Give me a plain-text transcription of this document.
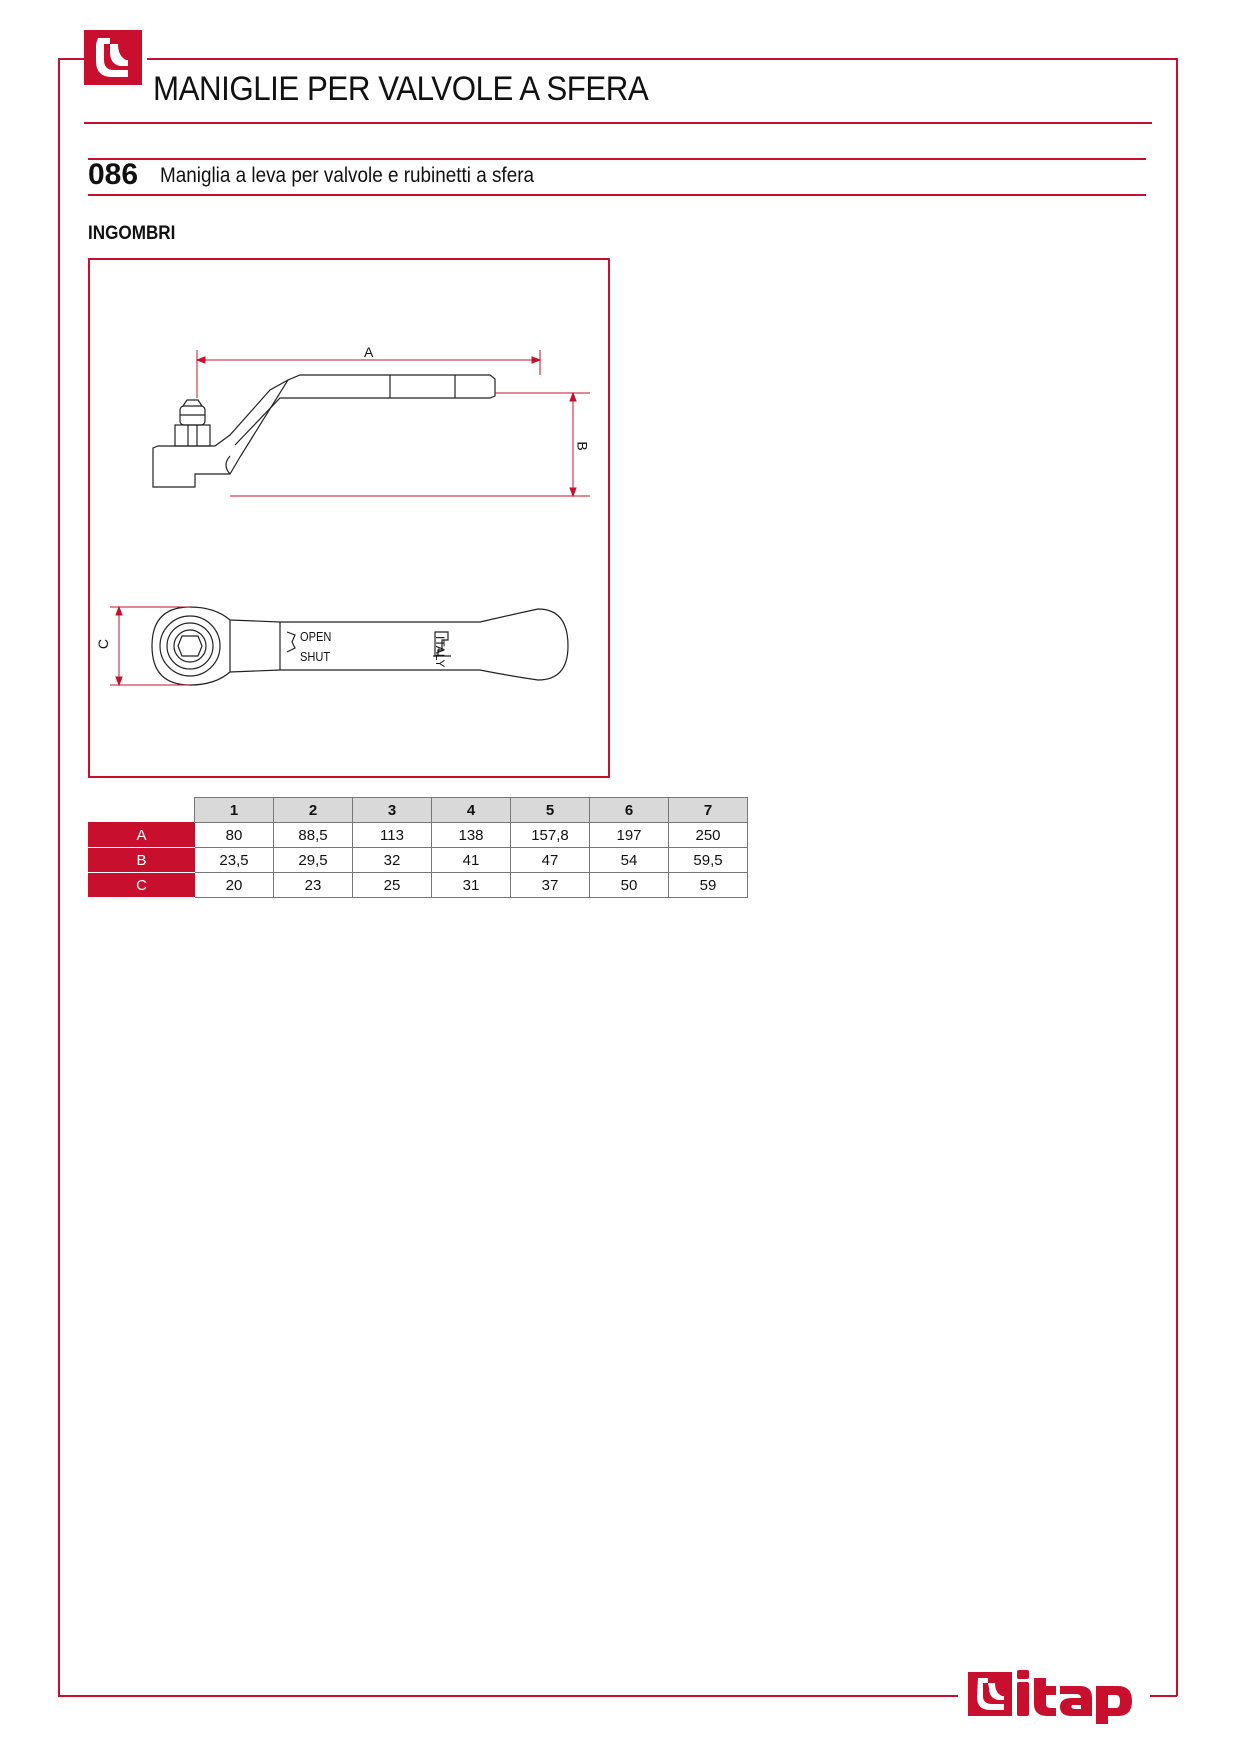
MANIGLIE PER VALVOLE A SFERA
086 Maniglia a leva per valvole e rubinetti a sfera
INGOMBRI
A
B
C	OPEN
SHUT	ITALY
	1	2	3	4	5	6	7
A	80	88,5	113	138	157,8	197	250
B	23,5	29,5	32	41	47	54	59,5
C	20	23	25	31	37	50	59
